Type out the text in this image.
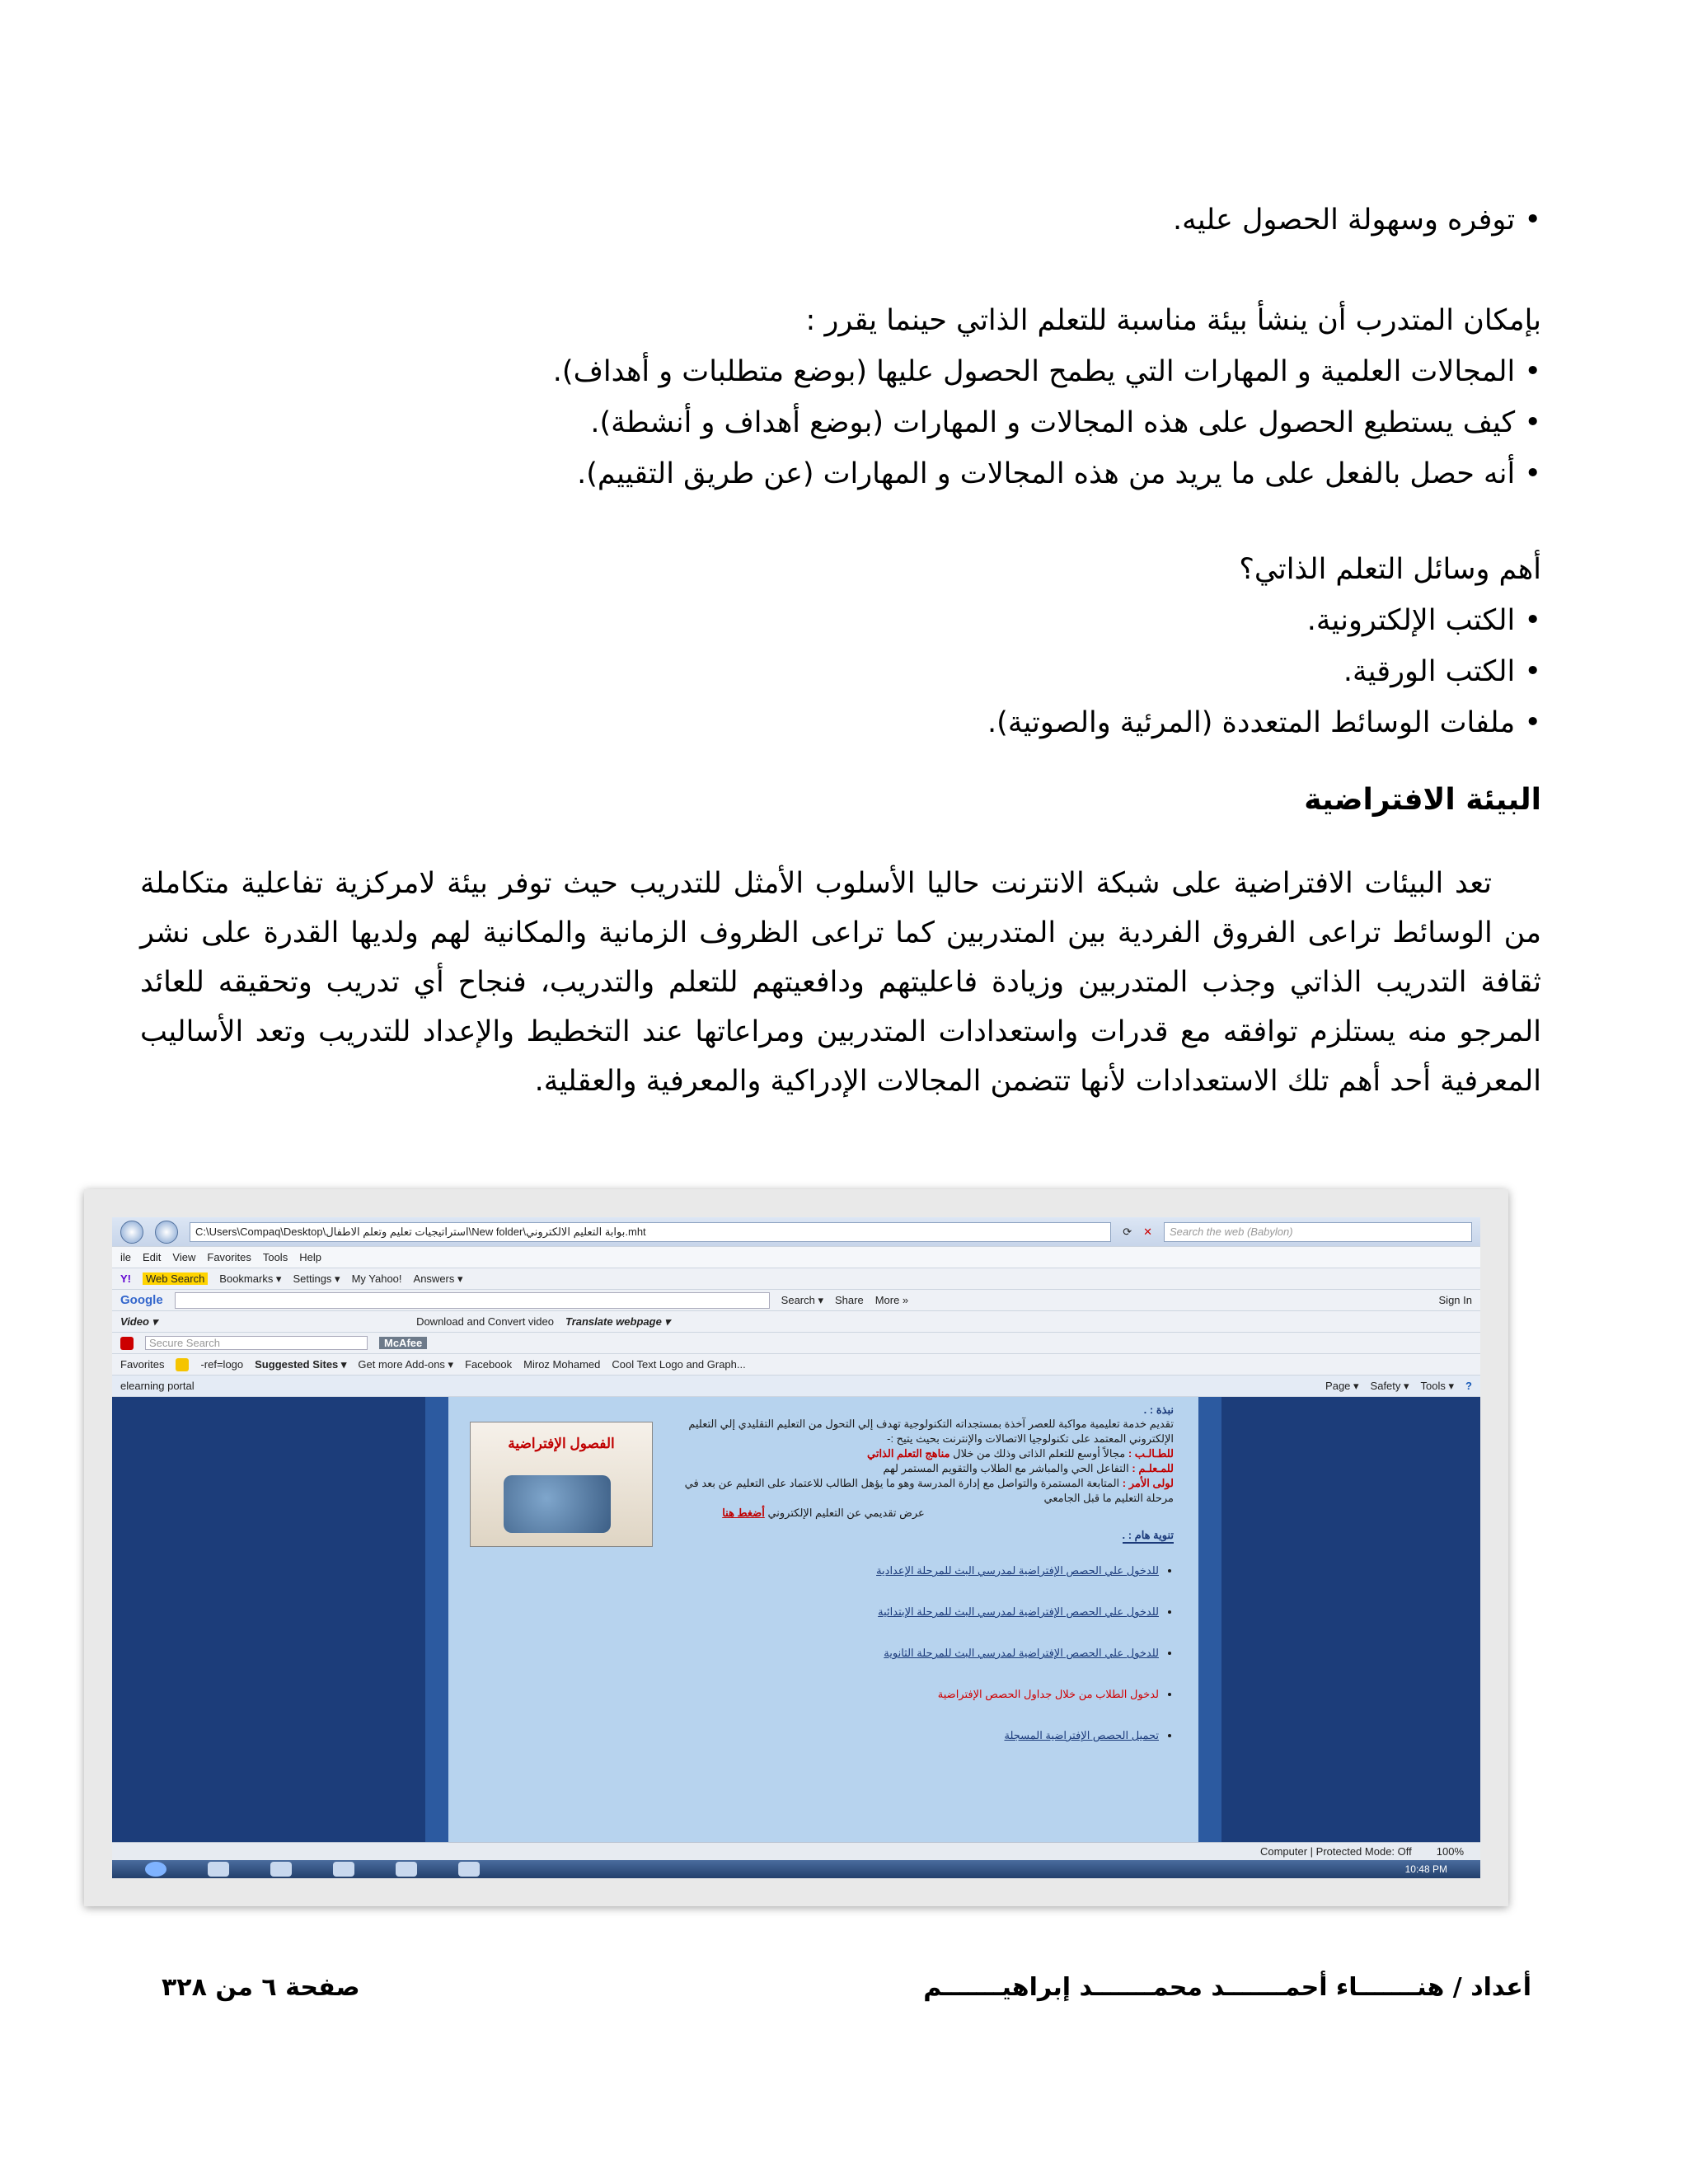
• توفره وسهولة الحصول عليه.
بإمكان المتدرب أن ينشأ بيئة مناسبة للتعلم الذاتي حينما يقرر :
• المجالات العلمية و المهارات التي يطمح الحصول عليها (بوضع متطلبات و أهداف).
• كيف يستطيع الحصول على هذه المجالات و المهارات (بوضع أهداف و أنشطة).
• أنه حصل بالفعل على ما يريد من هذه المجالات و المهارات (عن طريق التقييم).
أهم وسائل التعلم الذاتي؟
• الكتب الإلكترونية.
• الكتب الورقية.
• ملفات الوسائط المتعددة (المرئية والصوتية).
البيئة الافتراضية
تعد البيئات الافتراضية على شبكة الانترنت حاليا الأسلوب الأمثل للتدريب حيث توفر بيئة لامركزية تفاعلية متكاملة من الوسائط تراعى الفروق الفردية بين المتدربين كما تراعى الظروف الزمانية والمكانية لهم ولديها القدرة على نشر ثقافة التدريب الذاتي وجذب المتدربين وزيادة فاعليتهم ودافعيتهم للتعلم والتدريب، فنجاح أي تدريب وتحقيقه للعائد المرجو منه يستلزم توافقه مع قدرات واستعدادات المتدربين ومراعاتها عند التخطيط والإعداد للتدريب وتعد الأساليب المعرفية أحد أهم تلك الاستعدادات لأنها تتضمن المجالات الإدراكية والمعرفية والعقلية.
C:\Users\Compaq\Desktop\استراتيجيات تعليم وتعلم الاطفال\New folder\بوابة التعليم الالكتروني.mht	⟳ ✕	Search the web (Babylon)
ile Edit View Favorites Tools Help
Y!	Web Search	Bookmarks ▾ Settings ▾ My Yahoo! Answers ▾
Google	Search ▾ Share More »	Sign In
Video ▾	Download and Convert video Translate webpage ▾
Secure Search	McAfee
Favorites	-ref=logo Suggested Sites ▾ Get more Add-ons ▾ Facebook Miroz Mohamed Cool Text Logo and Graph...
elearning portal	Page ▾ Safety ▾ Tools ▾ ?
نبذة : .
تقديم خدمة تعليمية مواكبة للعصر آخذة بمستجداته التكنولوجية تهدف إلي التحول من التعليم التقليدي إلي التعليم الإلكتروني المعتمد على تكنولوجيا الاتصالات والإنترنت بحيث يتيح :-
للطـالـب : مجالاً أوسع للتعلم الذاتى وذلك من خلال مناهج التعلم الذاتي
للمـعلـم : التفاعل الحي والمباشر مع الطلاب والتقويم المستمر لهم
لولى الأمر : المتابعة المستمرة والتواصل مع إدارة المدرسة وهو ما يؤهل الطالب للاعتماد على التعليم عن بعد في مرحلة التعليم ما قبل الجامعي
عرض تقديمي عن التعليم الإلكتروني أضغط هنا
تنوية هام : .
• للدخول علي الحصص الإفتراضية لمدرسي البث للمرحلة الإعدادية
• للدخول علي الحصص الإفتراضية لمدرسي البث للمرحلة الإبتدائية
• للدخول علي الحصص الإفتراضية لمدرسي البث للمرحلة الثانوية
• لدخول الطلاب من خلال جداول الحصص الإفتراضية
• تحميل الحصص الإفتراضية المسجلة
الفصول الإفتراضية
Computer | Protected Mode: Off 100%
10:48 PM
أعداد / هنـــــــاء أحمـــــــد محمـــــــد إبراهيـــــــم
صفحة ٦ من ٣٢٨
